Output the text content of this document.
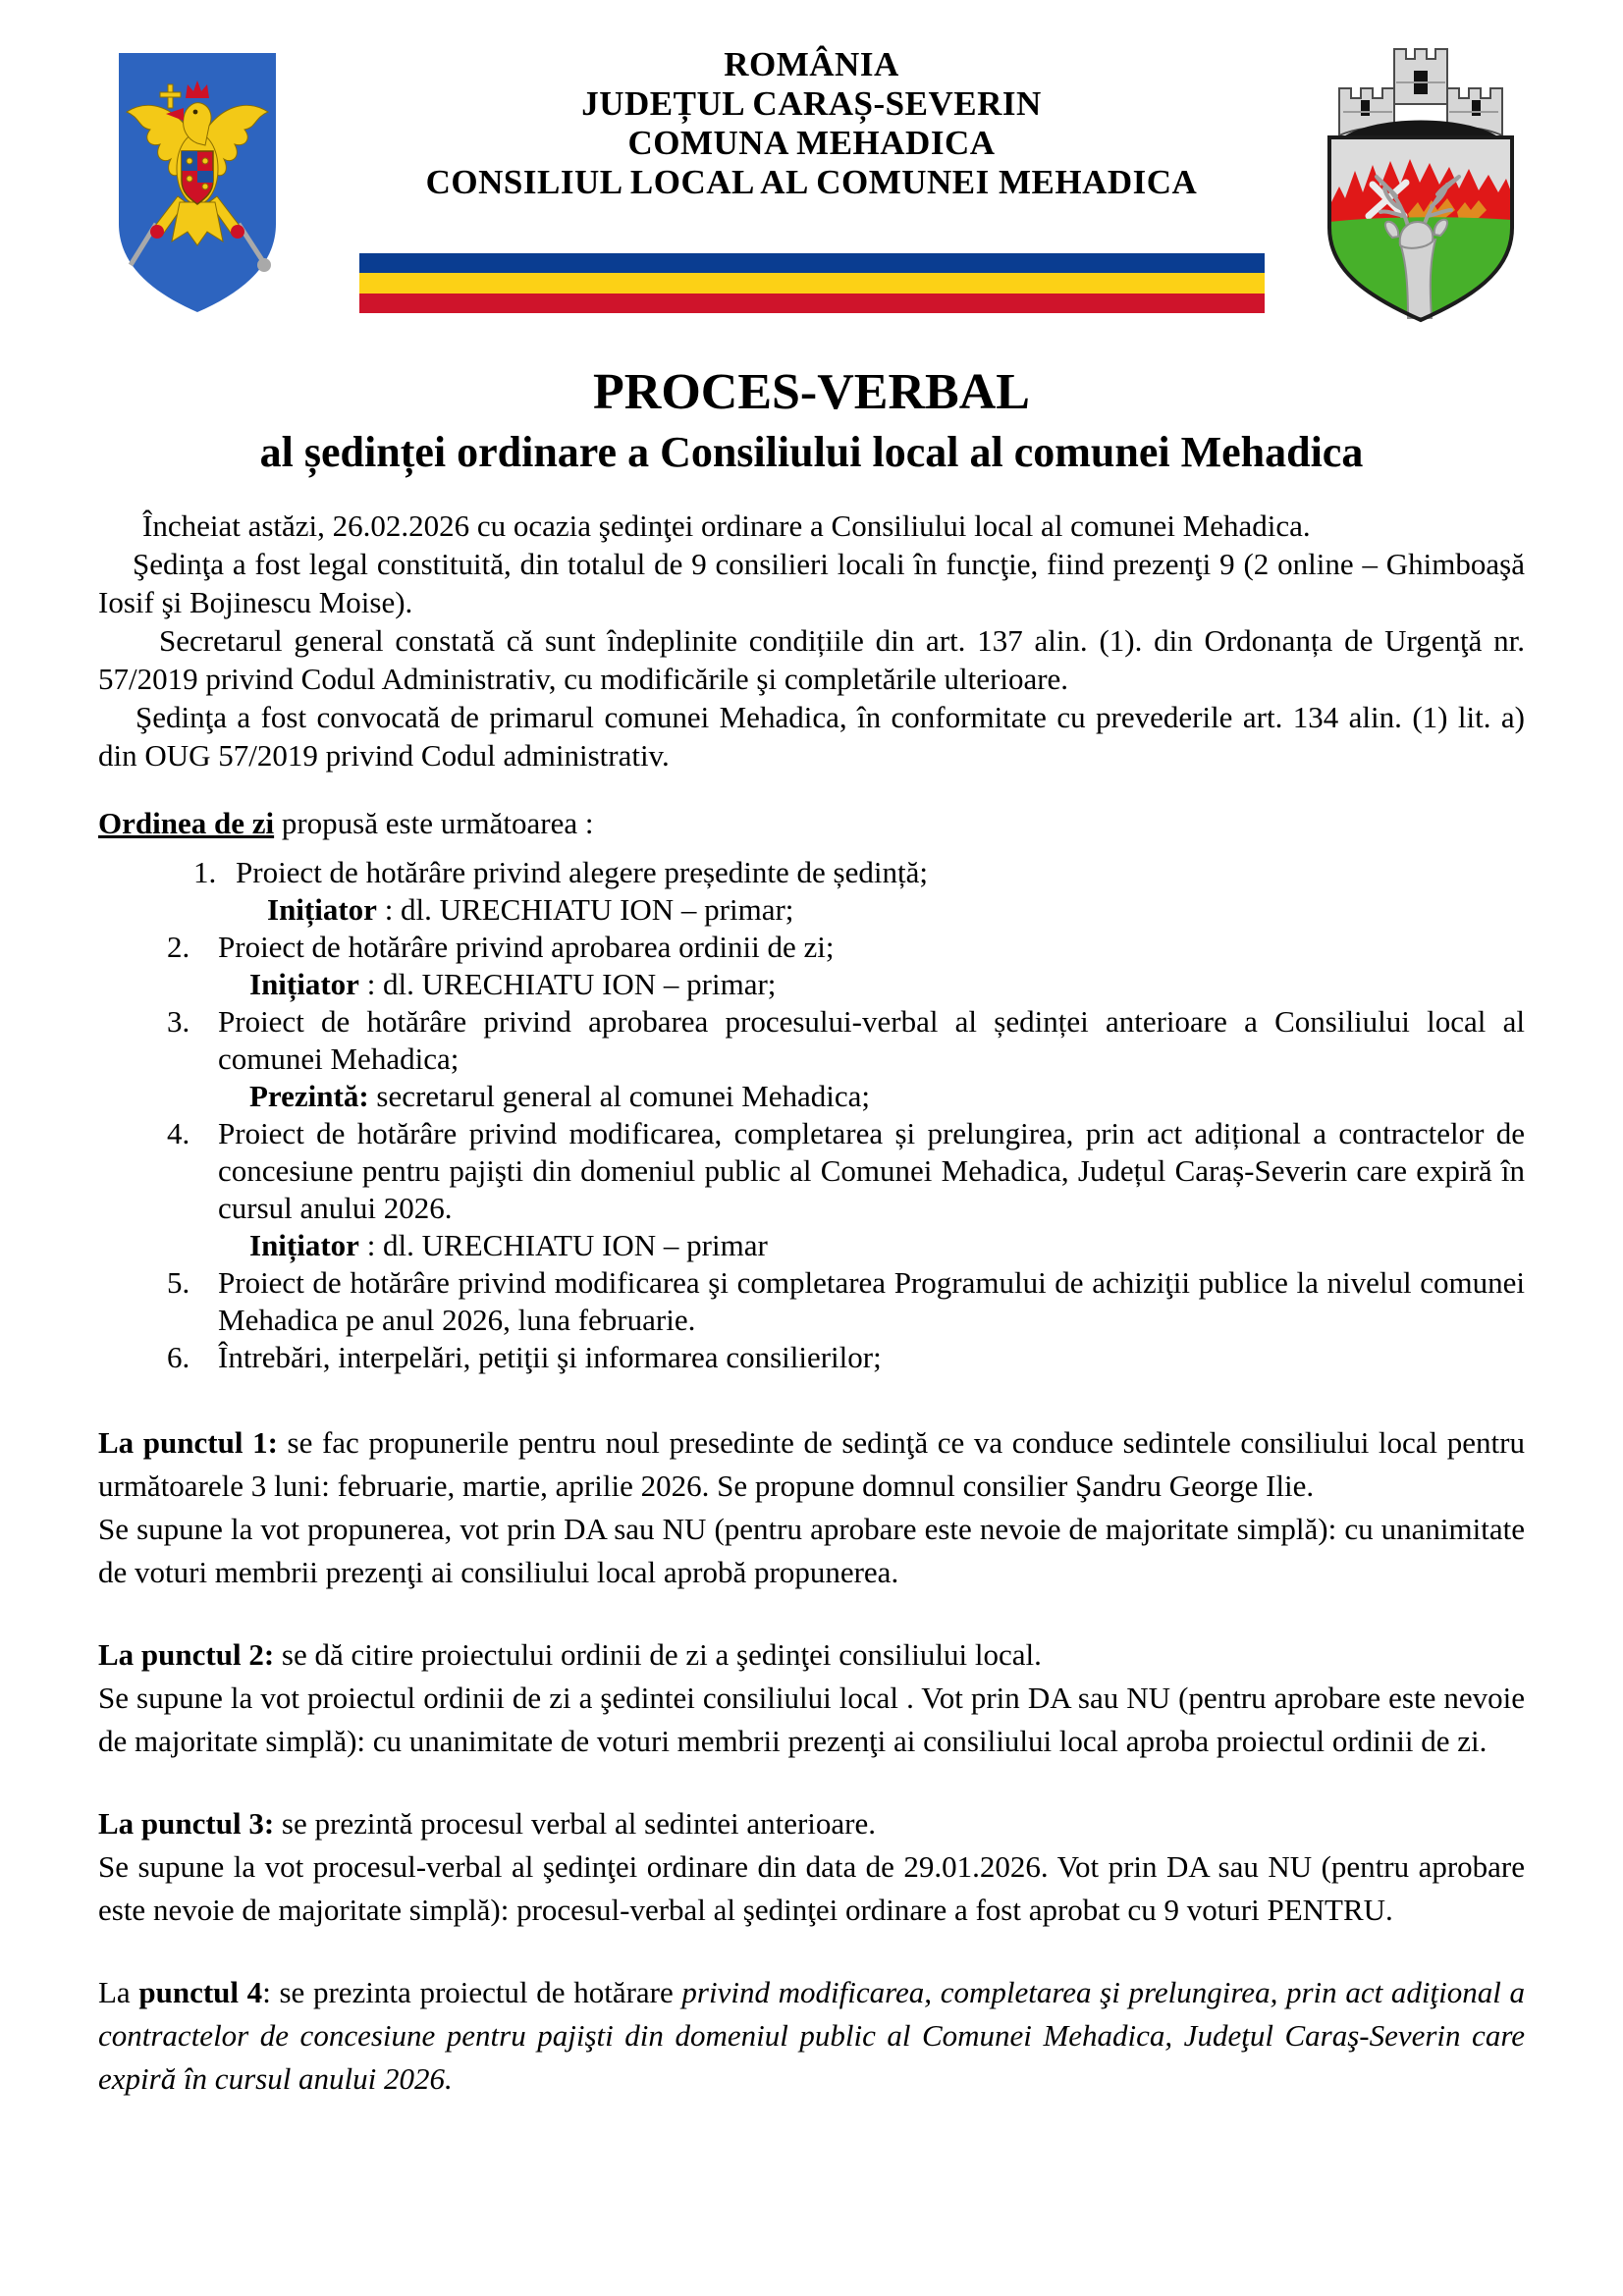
ROMÂNIA
JUDEȚUL CARAȘ-SEVERIN
COMUNA MEHADICA
CONSILIUL LOCAL AL COMUNEI MEHADICA
PROCES-VERBAL
al ședinței ordinare a Consiliului local al comunei Mehadica

Încheiat astăzi, 26.02.2026 cu ocazia şedinţei ordinare a Consiliului local al comunei Mehadica.

Şedinţa a fost legal constituită, din totalul de 9 consilieri locali în funcţie, fiind prezenţi 9 (2 online – Ghimboaşă Iosif şi Bojinescu Moise).

Secretarul general constată că sunt îndeplinite condițiile din art. 137 alin. (1). din Ordonanța de Urgenţă nr. 57/2019 privind Codul Administrativ, cu modificările şi completările ulterioare.

Şedinţa a fost convocată de primarul comunei Mehadica, în conformitate cu prevederile art. 134 alin. (1) lit. a) din OUG 57/2019 privind Codul administrativ.

Ordinea de zi propusă este următoarea :
1. Proiect de hotărâre privind alegere președinte de ședință;
Inițiator : dl. URECHIATU ION – primar;
2. Proiect de hotărâre privind aprobarea ordinii de zi;
Inițiator : dl. URECHIATU ION – primar;
3. Proiect de hotărâre privind aprobarea procesului-verbal al ședinței anterioare a Consiliului local al comunei Mehadica;
Prezintă: secretarul general al comunei Mehadica;
4. Proiect de hotărâre privind modificarea, completarea și prelungirea, prin act adițional a contractelor de concesiune pentru pajişti din domeniul public al Comunei Mehadica, Județul Caraș-Severin care expiră în cursul anului 2026.
Inițiator : dl. URECHIATU ION – primar
5. Proiect de hotărâre privind modificarea şi completarea Programului de achiziţii publice la nivelul comunei Mehadica pe anul 2026, luna februarie.
6. Întrebări, interpelări, petiţii şi informarea consilierilor;

La punctul 1: se fac propunerile pentru noul presedinte de sedinţă ce va conduce sedintele consiliului local pentru următoarele 3 luni: februarie, martie, aprilie 2026. Se propune domnul consilier Şandru George Ilie.

Se supune la vot propunerea, vot prin DA sau NU (pentru aprobare este nevoie de majoritate simplă): cu unanimitate de voturi membrii prezenţi ai consiliului local aprobă propunerea.

La punctul 2: se dă citire proiectului ordinii de zi a şedinţei consiliului local.

Se supune la vot proiectul ordinii de zi a şedintei consiliului local . Vot prin DA sau NU (pentru aprobare este nevoie de majoritate simplă): cu unanimitate de voturi membrii prezenţi ai consiliului local aproba proiectul ordinii de zi.

La punctul 3: se prezintă procesul verbal al sedintei anterioare.

Se supune la vot procesul-verbal al şedinţei ordinare din data de 29.01.2026. Vot prin DA sau NU (pentru aprobare este nevoie de majoritate simplă): procesul-verbal al şedinţei ordinare a fost aprobat cu 9 voturi PENTRU.

La punctul 4: se prezinta proiectul de hotărare privind modificarea, completarea şi prelungirea, prin act adiţional a contractelor de concesiune pentru pajişti din domeniul public al Comunei Mehadica, Judeţul Caraş-Severin care expiră în cursul anului 2026.
